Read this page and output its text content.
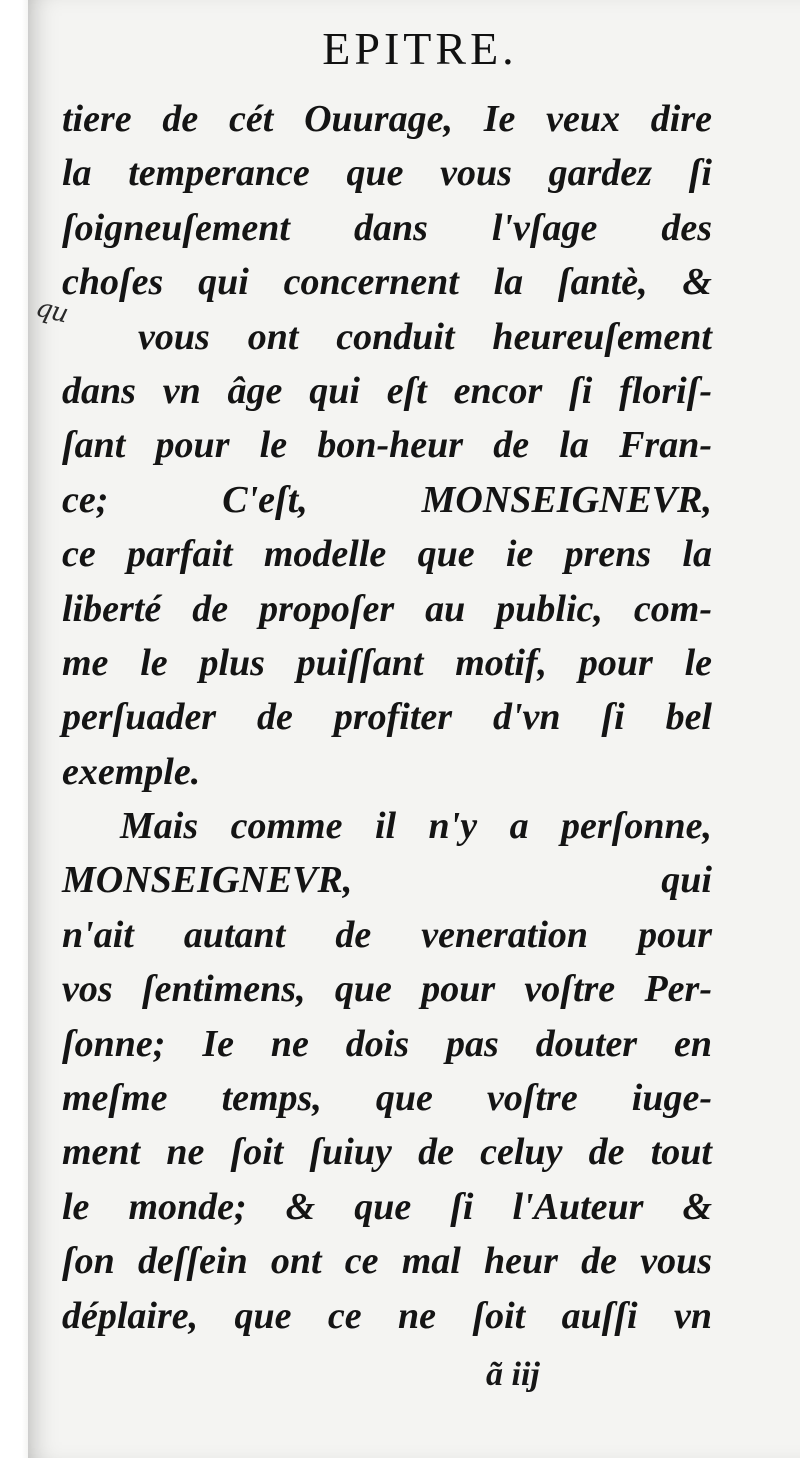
qu
EPITRE.
tiere de cét Ouurage, Ie veux dire
la temperance que vous gardez ſi
ſoigneuſement dans l'vſage des
choſes qui concernent la ſantè, &
vous ont conduit heureuſement
dans vn âge qui eſt encor ſi floriſ-
ſant pour le bon-heur de la Fran-
ce; C'eſt, MONSEIGNEVR,
ce parfait modelle que ie prens la
liberté de propoſer au public, com-
me le plus puiſſant motif, pour le
perſuader de profiter d'vn ſi bel
exemple.
Mais comme il n'y a perſonne,
MONSEIGNEVR, qui
n'ait autant de veneration pour
vos ſentimens, que pour voſtre Per-
ſonne; Ie ne dois pas douter en
meſme temps, que voſtre iuge-
ment ne ſoit ſuiuy de celuy de tout
le monde; & que ſi l'Auteur &
ſon deſſein ont ce mal heur de vous
déplaire, que ce ne ſoit auſſi vn
ã iij
